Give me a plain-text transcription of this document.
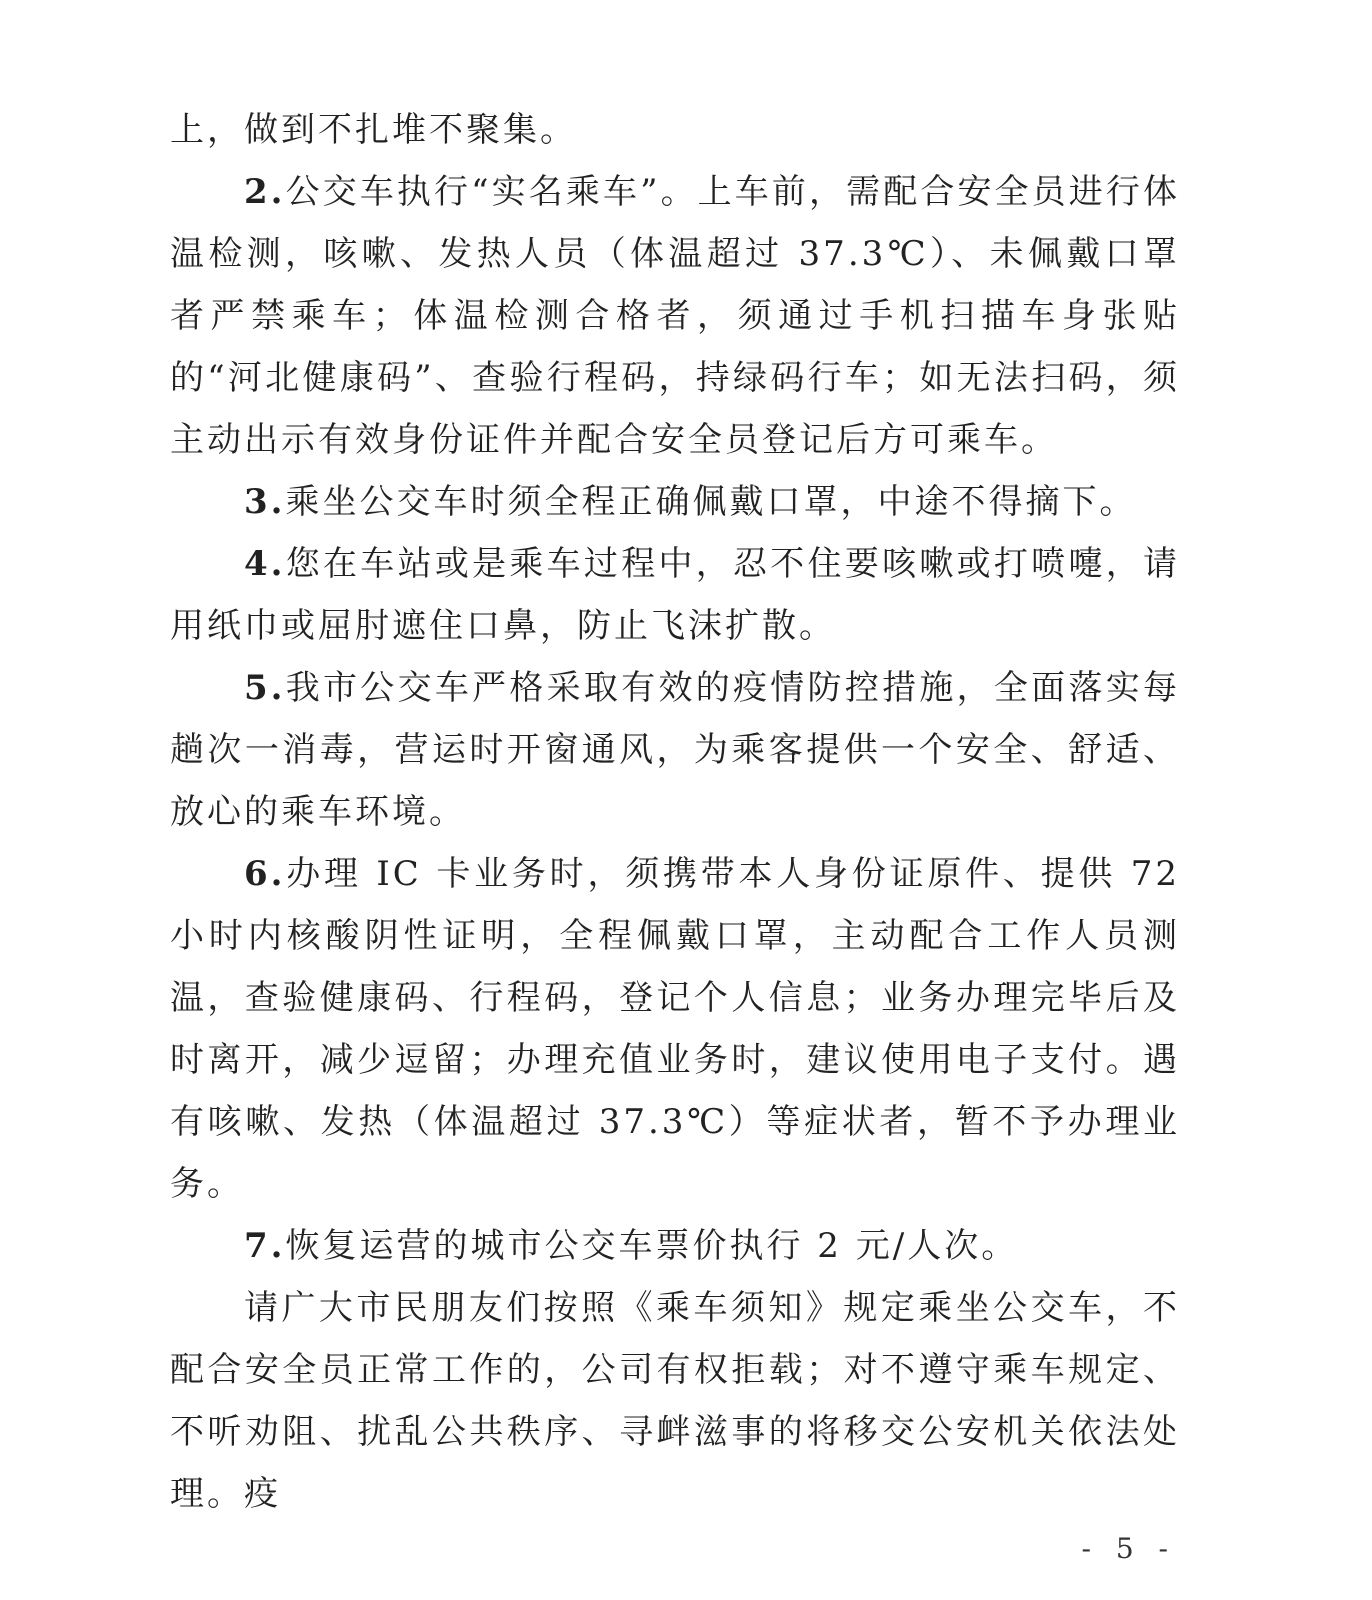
上，做到不扎堆不聚集。

2.公交车执行“实名乘车”。上车前，需配合安全员进行体温检测，咳嗽、发热人员（体温超过 37.3℃）、未佩戴口罩者严禁乘车；体温检测合格者，须通过手机扫描车身张贴的“河北健康码”、查验行程码，持绿码行车；如无法扫码，须主动出示有效身份证件并配合安全员登记后方可乘车。

3.乘坐公交车时须全程正确佩戴口罩，中途不得摘下。

4.您在车站或是乘车过程中，忍不住要咳嗽或打喷嚏，请用纸巾或屈肘遮住口鼻，防止飞沫扩散。

5.我市公交车严格采取有效的疫情防控措施，全面落实每趟次一消毒，营运时开窗通风，为乘客提供一个安全、舒适、放心的乘车环境。

6.办理 IC 卡业务时，须携带本人身份证原件、提供 72 小时内核酸阴性证明，全程佩戴口罩，主动配合工作人员测温，查验健康码、行程码，登记个人信息；业务办理完毕后及时离开，减少逗留；办理充值业务时，建议使用电子支付。遇有咳嗽、发热（体温超过 37.3℃）等症状者，暂不予办理业务。

7.恢复运营的城市公交车票价执行 2 元/人次。

请广大市民朋友们按照《乘车须知》规定乘坐公交车，不配合安全员正常工作的，公司有权拒载；对不遵守乘车规定、不听劝阻、扰乱公共秩序、寻衅滋事的将移交公安机关依法处理。疫

- 5 -
